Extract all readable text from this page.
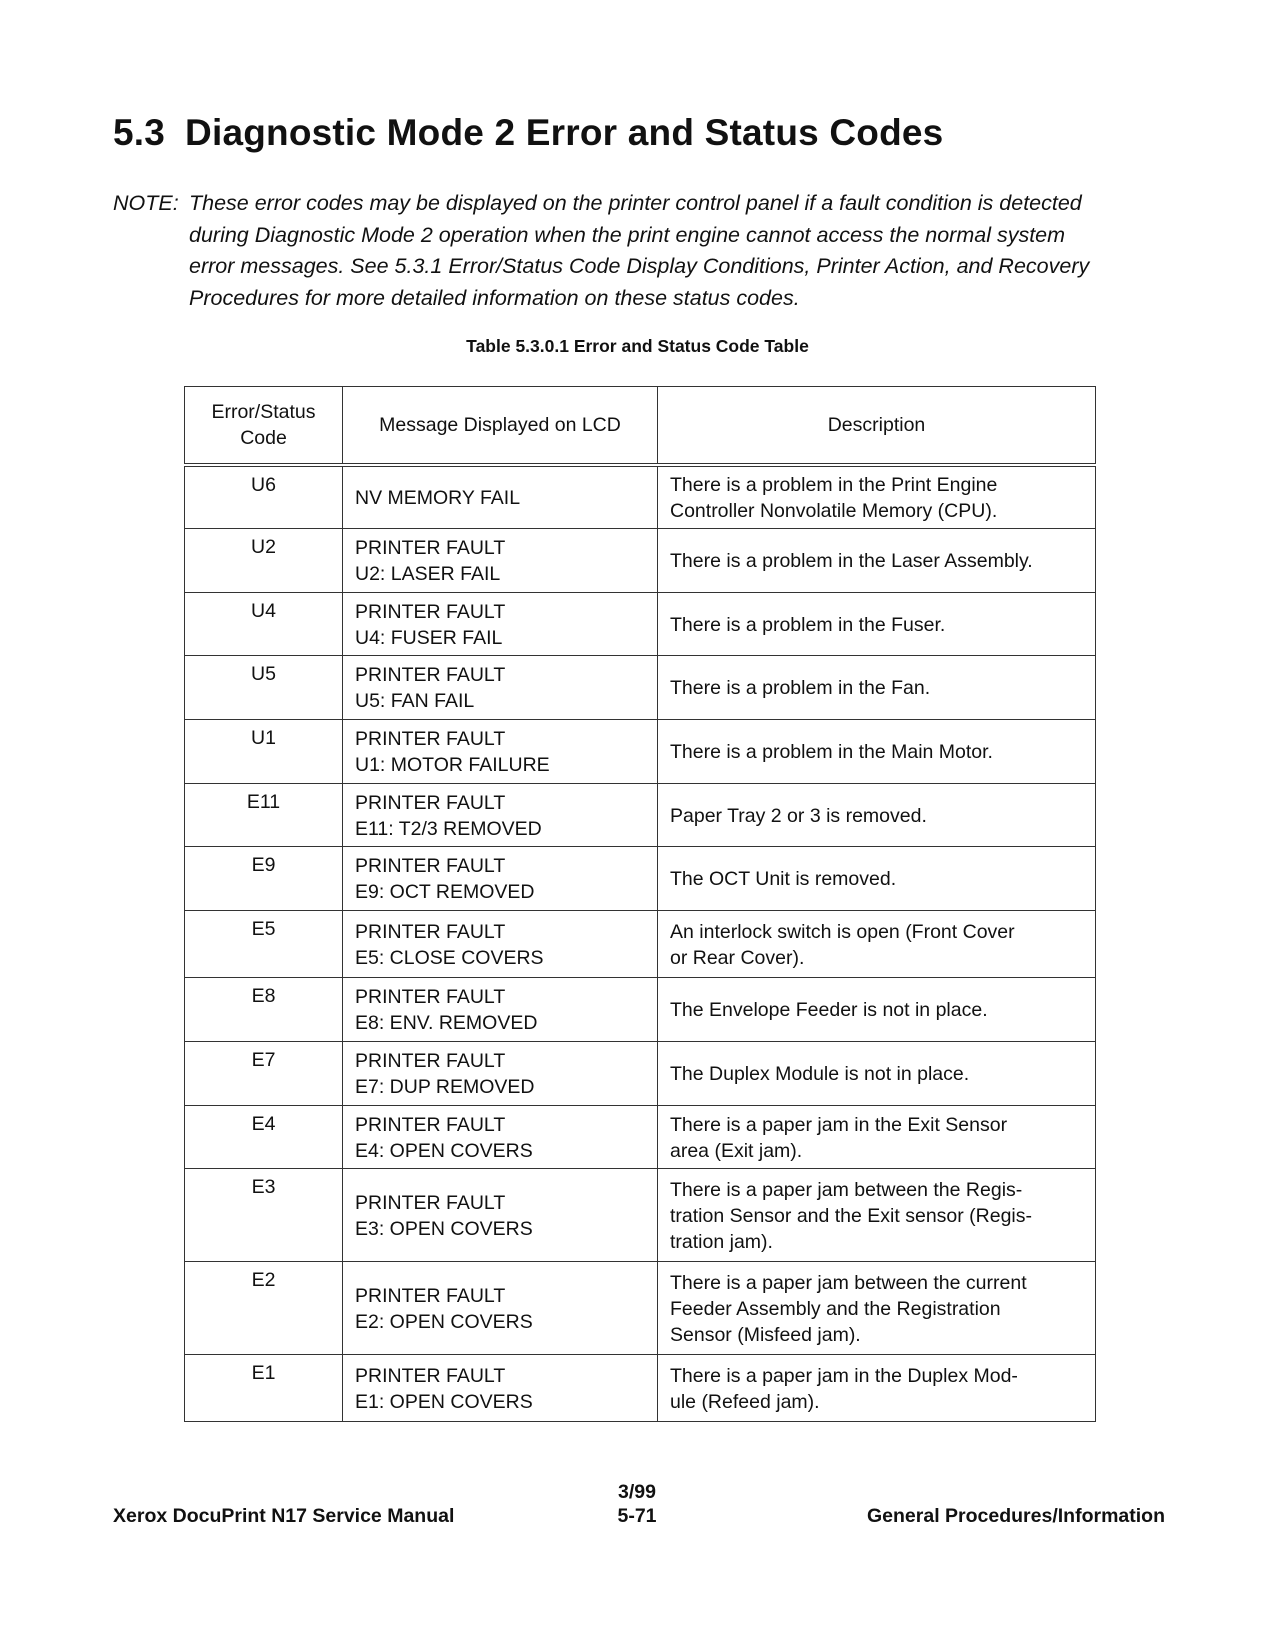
5.3 Diagnostic Mode 2 Error and Status Codes
NOTE: These error codes may be displayed on the printer control panel if a fault condition is detected
during Diagnostic Mode 2 operation when the print engine cannot access the normal system
error messages. See 5.3.1 Error/Status Code Display Conditions, Printer Action, and Recovery
Procedures for more detailed information on these status codes.
Table 5.3.0.1 Error and Status Code Table
Error/Status
Code	Message Displayed on LCD	Description
U6	NV MEMORY FAIL	There is a problem in the Print Engine
Controller Nonvolatile Memory (CPU).

U2	PRINTER FAULT
U2: LASER FAIL	There is a problem in the Laser Assembly.

U4	PRINTER FAULT
U4: FUSER FAIL	There is a problem in the Fuser.

U5	PRINTER FAULT
U5: FAN FAIL	There is a problem in the Fan.

U1	PRINTER FAULT
U1: MOTOR FAILURE	There is a problem in the Main Motor.

E11	PRINTER FAULT
E11: T2/3 REMOVED	Paper Tray 2 or 3 is removed.

E9	PRINTER FAULT
E9: OCT REMOVED	The OCT Unit is removed.

E5	PRINTER FAULT
E5: CLOSE COVERS	An interlock switch is open (Front Cover
or Rear Cover).

E8	PRINTER FAULT
E8: ENV. REMOVED	The Envelope Feeder is not in place.

E7	PRINTER FAULT
E7: DUP REMOVED	The Duplex Module is not in place.

E4	PRINTER FAULT
E4: OPEN COVERS	There is a paper jam in the Exit Sensor
area (Exit jam).

E3	PRINTER FAULT
E3: OPEN COVERS	There is a paper jam between the Regis-
tration Sensor and the Exit sensor (Regis-
tration jam).

E2	PRINTER FAULT
E2: OPEN COVERS	There is a paper jam between the current
Feeder Assembly and the Registration
Sensor (Misfeed jam).

E1	PRINTER FAULT
E1: OPEN COVERS	There is a paper jam in the Duplex Mod-
ule (Refeed jam).
3/99
Xerox DocuPrint N17 Service Manual	5-71	General Procedures/Information
